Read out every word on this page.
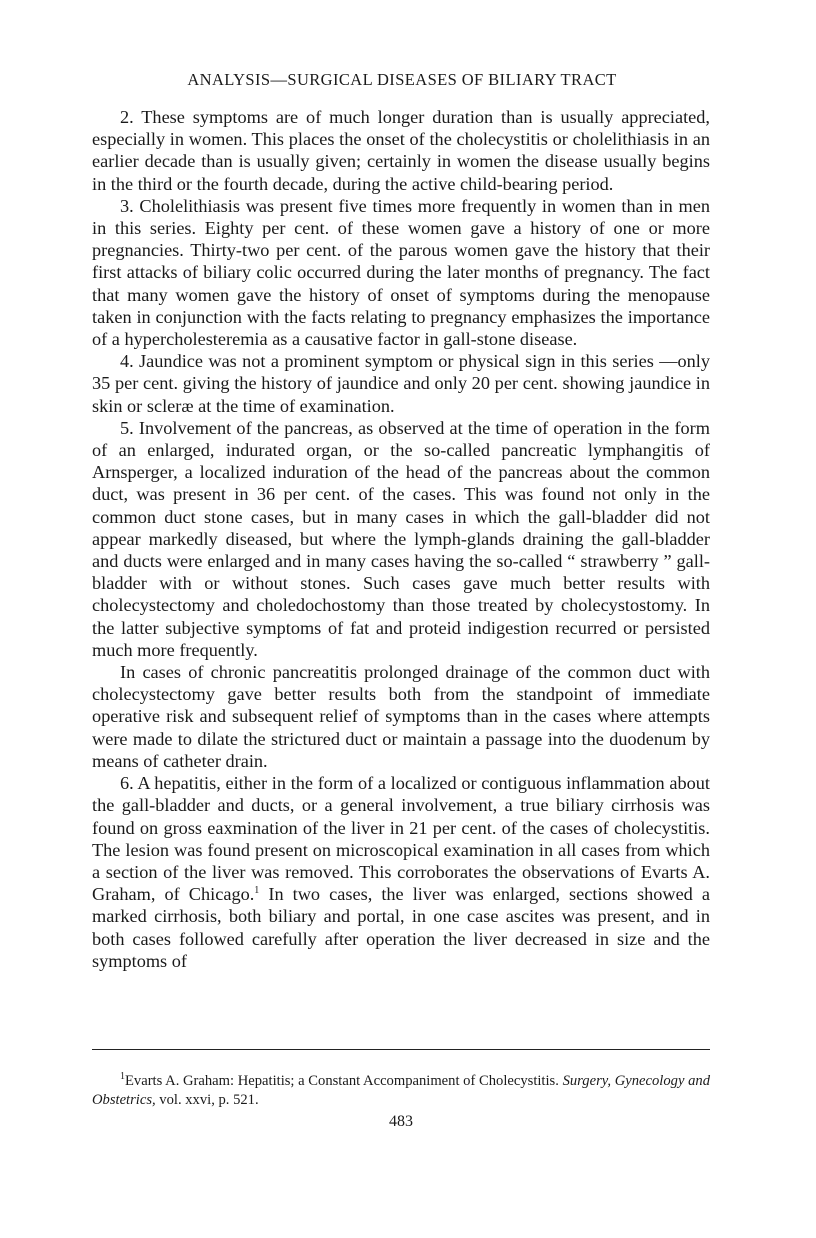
ANALYSIS—SURGICAL DISEASES OF BILIARY TRACT

2. These symptoms are of much longer duration than is usually appreciated, especially in women. This places the onset of the cholecystitis or cholelithiasis in an earlier decade than is usually given; certainly in women the disease usually begins in the third or the fourth decade, during the active child-bearing period.

3. Cholelithiasis was present five times more frequently in women than in men in this series. Eighty per cent. of these women gave a history of one or more pregnancies. Thirty-two per cent. of the parous women gave the history that their first attacks of biliary colic occurred during the later months of pregnancy. The fact that many women gave the history of onset of symptoms during the menopause taken in conjunction with the facts relating to pregnancy emphasizes the importance of a hypercholesteremia as a causative factor in gall-stone disease.

4. Jaundice was not a prominent symptom or physical sign in this series —only 35 per cent. giving the history of jaundice and only 20 per cent. showing jaundice in skin or scleræ at the time of examination.

5. Involvement of the pancreas, as observed at the time of operation in the form of an enlarged, indurated organ, or the so-called pancreatic lymphangitis of Arnsperger, a localized induration of the head of the pancreas about the common duct, was present in 36 per cent. of the cases. This was found not only in the common duct stone cases, but in many cases in which the gall-bladder did not appear markedly diseased, but where the lymph-glands draining the gall-bladder and ducts were enlarged and in many cases having the so-called “ strawberry ” gall-bladder with or without stones. Such cases gave much better results with cholecystectomy and choledochostomy than those treated by cholecystostomy. In the latter subjective symptoms of fat and proteid indigestion recurred or persisted much more frequently.

In cases of chronic pancreatitis prolonged drainage of the common duct with cholecystectomy gave better results both from the standpoint of immediate operative risk and subsequent relief of symptoms than in the cases where attempts were made to dilate the strictured duct or maintain a passage into the duodenum by means of catheter drain.

6. A hepatitis, either in the form of a localized or contiguous inflammation about the gall-bladder and ducts, or a general involvement, a true biliary cirrhosis was found on gross eaxmination of the liver in 21 per cent. of the cases of cholecystitis. The lesion was found present on microscopical examination in all cases from which a section of the liver was removed. This corroborates the observations of Evarts A. Graham, of Chicago.$^1$ In two cases, the liver was enlarged, sections showed a marked cirrhosis, both biliary and portal, in one case ascites was present, and in both cases followed carefully after operation the liver decreased in size and the symptoms of

$^1$Evarts A. Graham: Hepatitis; a Constant Accompaniment of Cholecystitis. Surgery, Gynecology and Obstetrics, vol. xxvi, p. 521.

483
